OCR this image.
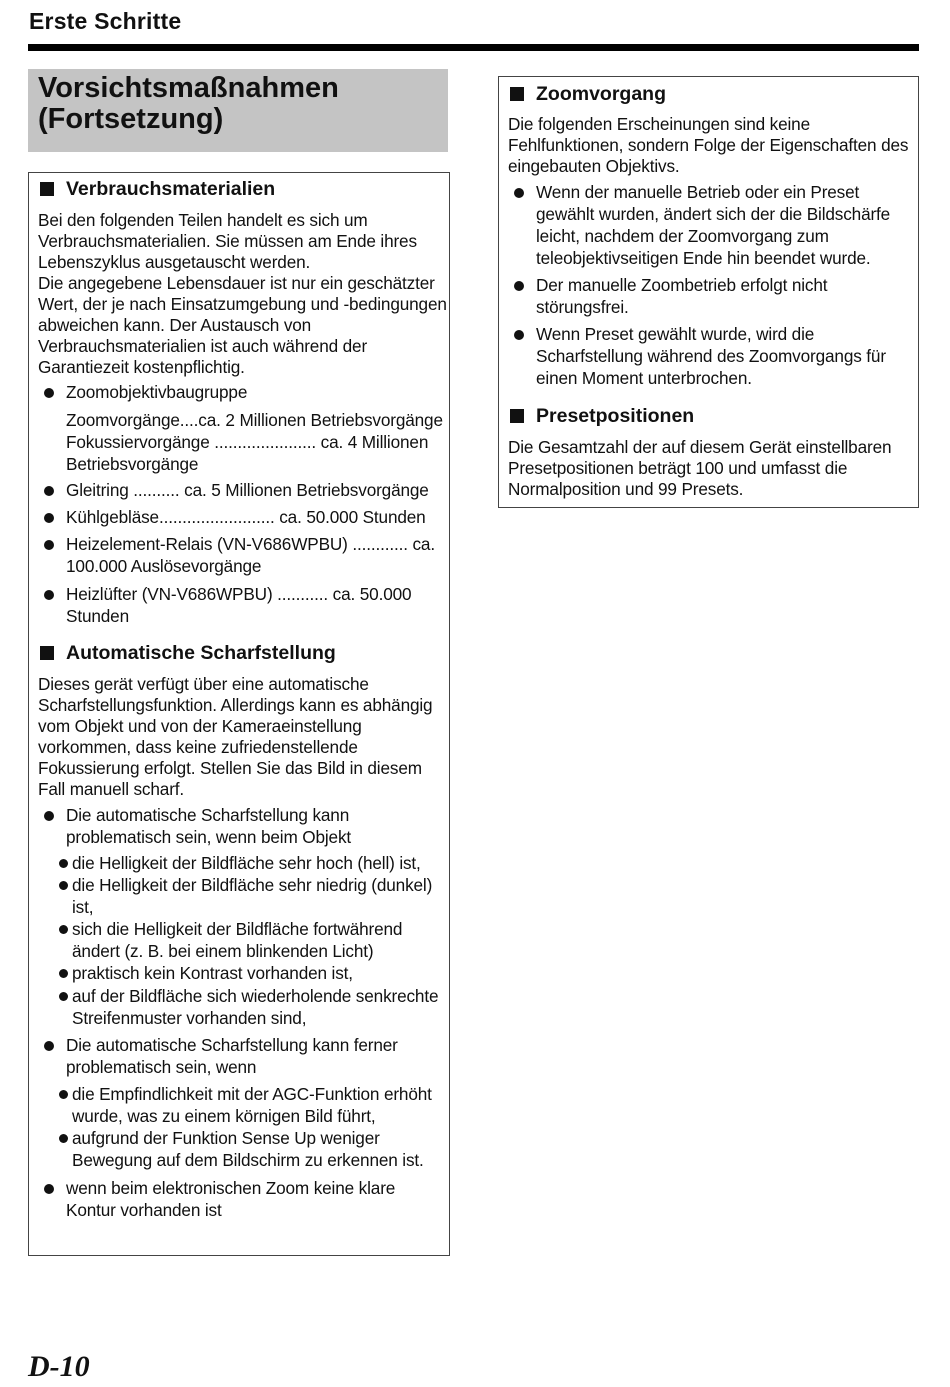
Erste Schritte
Vorsichtsmaßnahmen
(Fortsetzung)
Verbrauchsmaterialien
Bei den folgenden Teilen handelt es sich um
Verbrauchsmaterialien. Sie müssen am Ende ihres
Lebenszyklus ausgetauscht werden.
Die angegebene Lebensdauer ist nur ein geschätzter
Wert, der je nach Einsatzumgebung und -bedingungen
abweichen kann. Der Austausch von
Verbrauchsmaterialien ist auch während der
Garantiezeit kostenpflichtig.
Zoomobjektivbaugruppe
Zoomvorgänge....ca. 2 Millionen Betriebsvorgänge
Fokussiervorgänge ...................... ca. 4 Millionen
Betriebsvorgänge
Gleitring .......... ca. 5 Millionen Betriebsvorgänge
Kühlgebläse......................... ca. 50.000 Stunden
Heizelement-Relais (VN-V686WPBU) ............ ca.
100.000 Auslösevorgänge
Heizlüfter (VN-V686WPBU) ........... ca. 50.000
Stunden
Automatische Scharfstellung
Dieses gerät verfügt über eine automatische
Scharfstellungsfunktion. Allerdings kann es abhängig
vom Objekt und von der Kameraeinstellung
vorkommen, dass keine zufriedenstellende
Fokussierung erfolgt. Stellen Sie das Bild in diesem
Fall manuell scharf.
Die automatische Scharfstellung kann
problematisch sein, wenn beim Objekt
die Helligkeit der Bildfläche sehr hoch (hell) ist,
die Helligkeit der Bildfläche sehr niedrig (dunkel)
ist,
sich die Helligkeit der Bildfläche fortwährend
ändert (z. B. bei einem blinkenden Licht)
praktisch kein Kontrast vorhanden ist,
auf der Bildfläche sich wiederholende senkrechte
Streifenmuster vorhanden sind,
Die automatische Scharfstellung kann ferner
problematisch sein, wenn
die Empfindlichkeit mit der AGC-Funktion erhöht
wurde, was zu einem körnigen Bild führt,
aufgrund der Funktion Sense Up weniger
Bewegung auf dem Bildschirm zu erkennen ist.
wenn beim elektronischen Zoom keine klare
Kontur vorhanden ist
Zoomvorgang
Die folgenden Erscheinungen sind keine
Fehlfunktionen, sondern Folge der Eigenschaften des
eingebauten Objektivs.
Wenn der manuelle Betrieb oder ein Preset
gewählt wurden, ändert sich der die Bildschärfe
leicht, nachdem der Zoomvorgang zum
teleobjektivseitigen Ende hin beendet wurde.
Der manuelle Zoombetrieb erfolgt nicht
störungsfrei.
Wenn Preset gewählt wurde, wird die
Scharfstellung während des Zoomvorgangs für
einen Moment unterbrochen.
Presetpositionen
Die Gesamtzahl der auf diesem Gerät einstellbaren
Presetpositionen beträgt 100 und umfasst die
Normalposition und 99 Presets.
D-10
